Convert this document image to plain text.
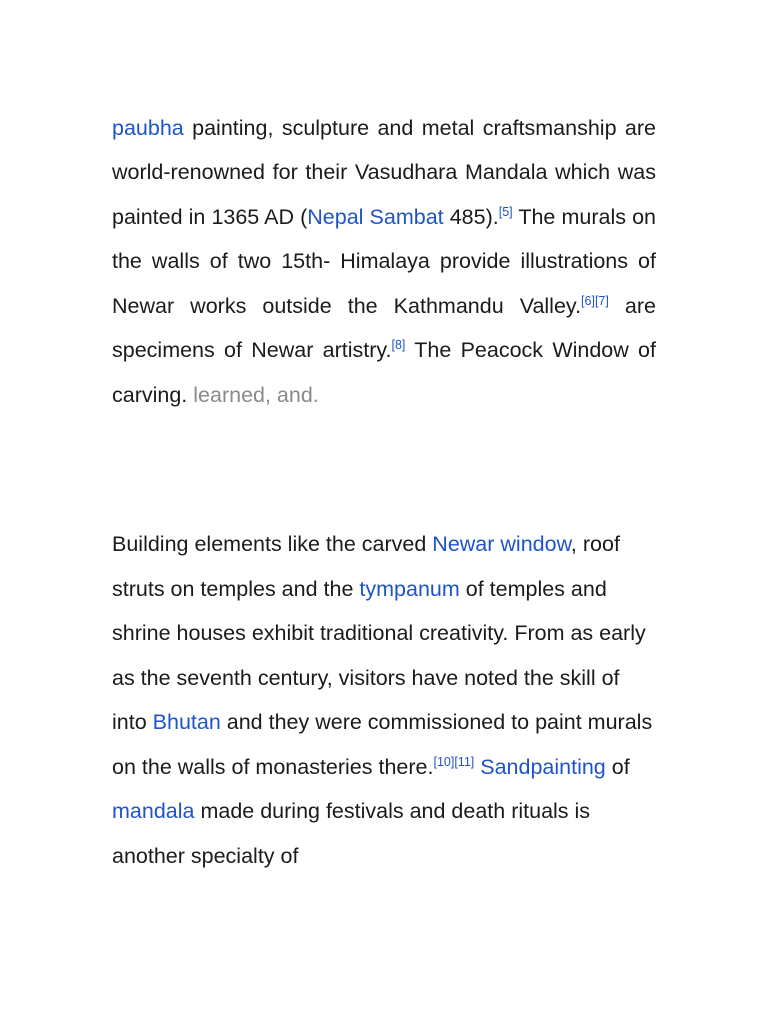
paubha painting, sculpture and metal craftsmanship are world-renowned for their Vasudhara Mandala which was painted in 1365 AD (Nepal Sambat 485).[5] The murals on the walls of two 15th- Himalaya provide illustrations of Newar works outside the Kathmandu Valley.[6][7] are specimens of Newar artistry.[8] The Peacock Window of carving. learned, and.

Building elements like the carved Newar window, roof struts on temples and the tympanum of temples and shrine houses exhibit traditional creativity. From as early as the seventh century, visitors have noted the skill of into Bhutan and they were commissioned to paint murals on the walls of monasteries there.[10][11] Sandpainting of mandala made during festivals and death rituals is another specialty of
